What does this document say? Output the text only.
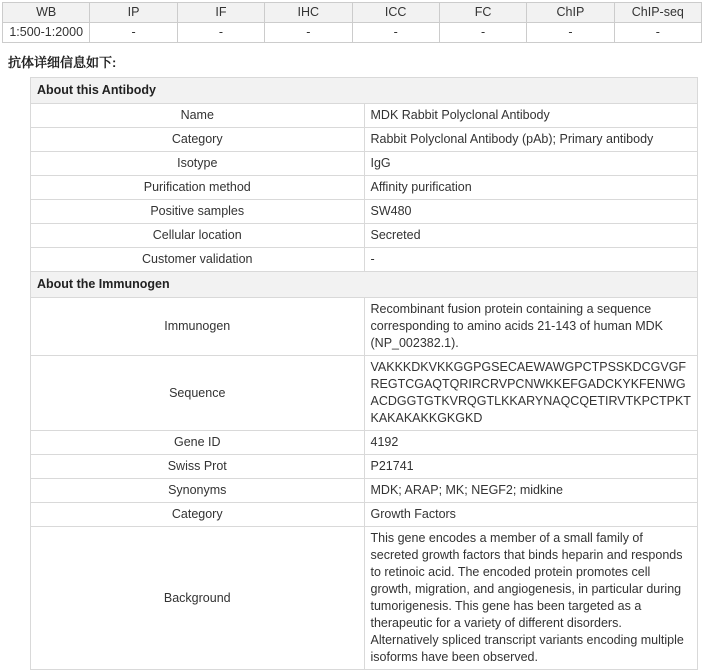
WB	IP	IF	IHC	ICC	FC	ChIP	ChIP-seq
1:500-1:2000	-	-	-	-	-	-	-
抗体详细信息如下:
About this Antibody	
Name	MDK Rabbit Polyclonal Antibody
Category	Rabbit Polyclonal Antibody (pAb); Primary antibody
Isotype	IgG
Purification method	Affinity purification
Positive samples	SW480
Cellular location	Secreted
Customer validation	-
About the Immunogen	
Immunogen	Recombinant fusion protein containing a sequence corresponding to amino acids 21-143 of human MDK (NP_002382.1).
Sequence	VAKKKDKVKKGGPGSECAEWAWGPCTPSSKDCGVGFREGTCGAQTQRIRCRVPCNWKKEFGADCKYKFENWGACDGGTGTKVRQGTLKKARYNAQCQETIRVTKPCTPKTKAKAKAKKGKGKD
Gene ID	4192
Swiss Prot	P21741
Synonyms	MDK; ARAP; MK; NEGF2; midkine
Category	Growth Factors
Background	This gene encodes a member of a small family of secreted growth factors that binds heparin and responds to retinoic acid. The encoded protein promotes cell growth, migration, and angiogenesis, in particular during tumorigenesis. This gene has been targeted as a therapeutic for a variety of different disorders. Alternatively spliced transcript variants encoding multiple isoforms have been observed.
